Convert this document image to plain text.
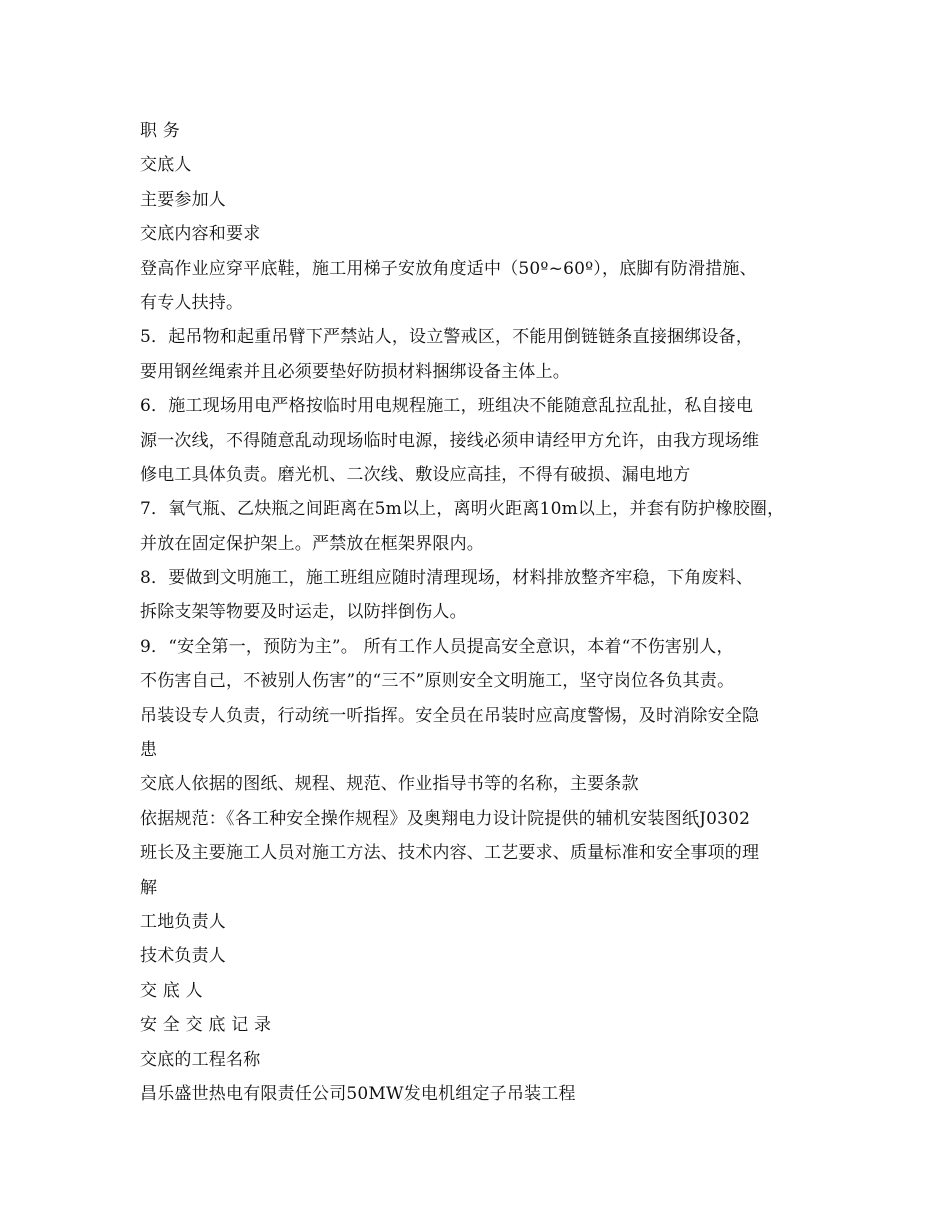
职 务
交底人
主要参加人
交底内容和要求
登高作业应穿平底鞋，施工用梯子安放角度适中（50º~60º），底脚有防滑措施、
有专人扶持。
5．起吊物和起重吊臂下严禁站人，设立警戒区，不能用倒链链条直接捆绑设备，
要用钢丝绳索并且必须要垫好防损材料捆绑设备主体上。
6．施工现场用电严格按临时用电规程施工，班组决不能随意乱拉乱扯，私自接电
源一次线，不得随意乱动现场临时电源，接线必须申请经甲方允许，由我方现场维
修电工具体负责。磨光机、二次线、敷设应高挂，不得有破损、漏电地方
7．氧气瓶、乙炔瓶之间距离在5m以上，离明火距离10m以上，并套有防护橡胶圈，
并放在固定保护架上。严禁放在框架界限内。
8．要做到文明施工，施工班组应随时清理现场，材料排放整齐牢稳，下角废料、
拆除支架等物要及时运走，以防拌倒伤人。
9．“安全第一，预防为主”。 所有工作人员提高安全意识，本着“不伤害别人，
不伤害自己，不被别人伤害”的“三不”原则安全文明施工，坚守岗位各负其责。
吊装设专人负责，行动统一听指挥。安全员在吊装时应高度警惕，及时消除安全隐
患
交底人依据的图纸、规程、规范、作业指导书等的名称，主要条款
依据规范：《各工种安全操作规程》及奥翔电力设计院提供的辅机安装图纸J0302
班长及主要施工人员对施工方法、技术内容、工艺要求、质量标准和安全事项的理
解
工地负责人
技术负责人
交 底 人
安 全 交 底 记 录
交底的工程名称
昌乐盛世热电有限责任公司50MW发电机组定子吊装工程
